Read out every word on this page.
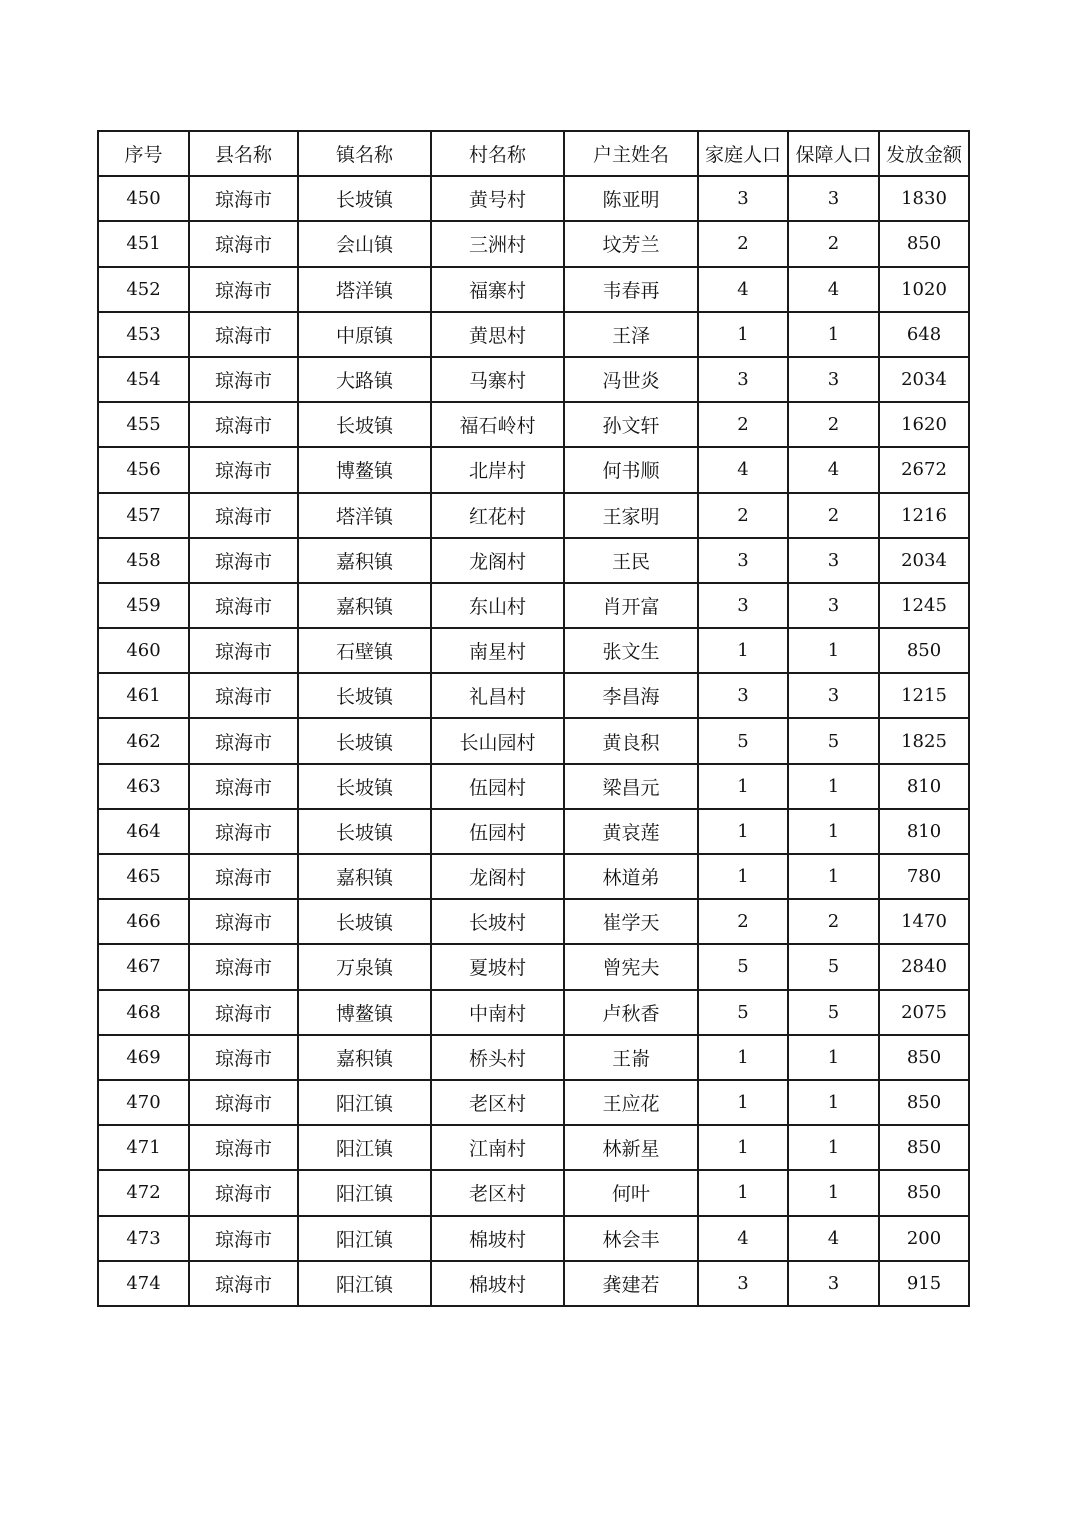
序号	县名称	镇名称	村名称	户主姓名	家庭人口	保障人口	发放金额
450	琼海市	长坡镇	黄号村	陈亚明	3	3	1830
451	琼海市	会山镇	三洲村	坟芳兰	2	2	850
452	琼海市	塔洋镇	福寨村	韦春再	4	4	1020
453	琼海市	中原镇	黄思村	王泽	1	1	648
454	琼海市	大路镇	马寨村	冯世炎	3	3	2034
455	琼海市	长坡镇	福石岭村	孙文轩	2	2	1620
456	琼海市	博鳌镇	北岸村	何书顺	4	4	2672
457	琼海市	塔洋镇	红花村	王家明	2	2	1216
458	琼海市	嘉积镇	龙阁村	王民	3	3	2034
459	琼海市	嘉积镇	东山村	肖开富	3	3	1245
460	琼海市	石壁镇	南星村	张文生	1	1	850
461	琼海市	长坡镇	礼昌村	李昌海	3	3	1215
462	琼海市	长坡镇	长山园村	黄良积	5	5	1825
463	琼海市	长坡镇	伍园村	梁昌元	1	1	810
464	琼海市	长坡镇	伍园村	黄哀莲	1	1	810
465	琼海市	嘉积镇	龙阁村	林道弟	1	1	780
466	琼海市	长坡镇	长坡村	崔学天	2	2	1470
467	琼海市	万泉镇	夏坡村	曾宪夫	5	5	2840
468	琼海市	博鳌镇	中南村	卢秋香	5	5	2075
469	琼海市	嘉积镇	桥头村	王嵛	1	1	850
470	琼海市	阳江镇	老区村	王应花	1	1	850
471	琼海市	阳江镇	江南村	林新星	1	1	850
472	琼海市	阳江镇	老区村	何叶	1	1	850
473	琼海市	阳江镇	棉坡村	林会丰	4	4	200
474	琼海市	阳江镇	棉坡村	龚建若	3	3	915
